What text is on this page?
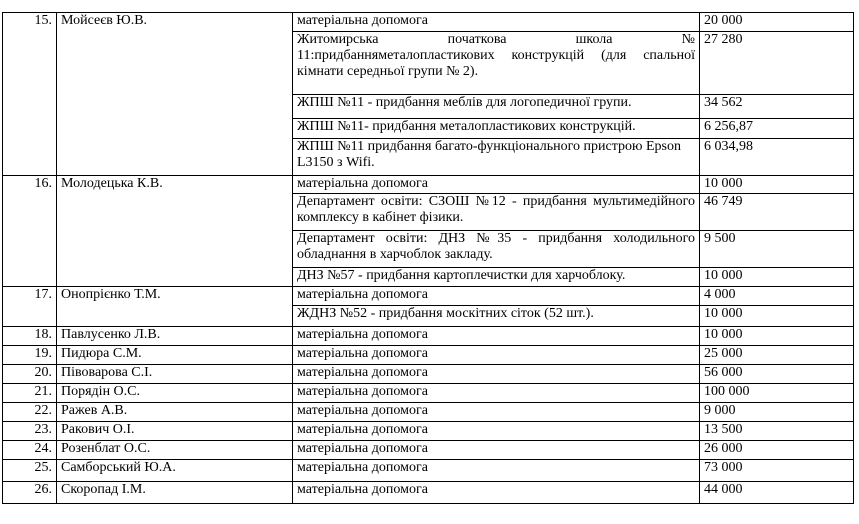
15.	Мойсеєв Ю.В.	матеріальна допомога	20 000
		Житомирська початкова школа № 11:придбанняметалопластикових конструкцій (для спальної кімнати середньої групи № 2).	27 280
		ЖПШ №11 - придбання меблів для логопедичної групи.	34 562
		ЖПШ №11- придбання металопластикових конструкцій.	6 256,87
		ЖПШ №11 придбання багато-функціонального пристрою Epson L3150 з Wifi.	6 034,98
16.	Молодецька К.В.	матеріальна допомога	10 000
		Департамент освіти: СЗОШ №12 - придбання мультимедійного комплексу в кабінет фізики.	46 749
		Департамент освіти: ДНЗ №35 - придбання холодильного обладнання в харчоблок закладу.	9 500
		ДНЗ №57 - придбання картоплечистки для харчоблоку.	10 000
17.	Онопрієнко Т.М.	матеріальна допомога	4 000
		ЖДНЗ №52 - придбання москітних сіток (52 шт.).	10 000
18.	Павлусенко Л.В.	матеріальна допомога	10 000
19.	Пидюра С.М.	матеріальна допомога	25 000
20.	Півоварова С.І.	матеріальна допомога	56 000
21.	Порядін О.С.	матеріальна допомога	100 000
22.	Ражев А.В.	матеріальна допомога	9 000
23.	Ракович О.І.	матеріальна допомога	13 500
24.	Розенблат О.С.	матеріальна допомога	26 000
25.	Самборський Ю.А.	матеріальна допомога	73 000
26.	Скоропад І.М.	матеріальна допомога	44 000
